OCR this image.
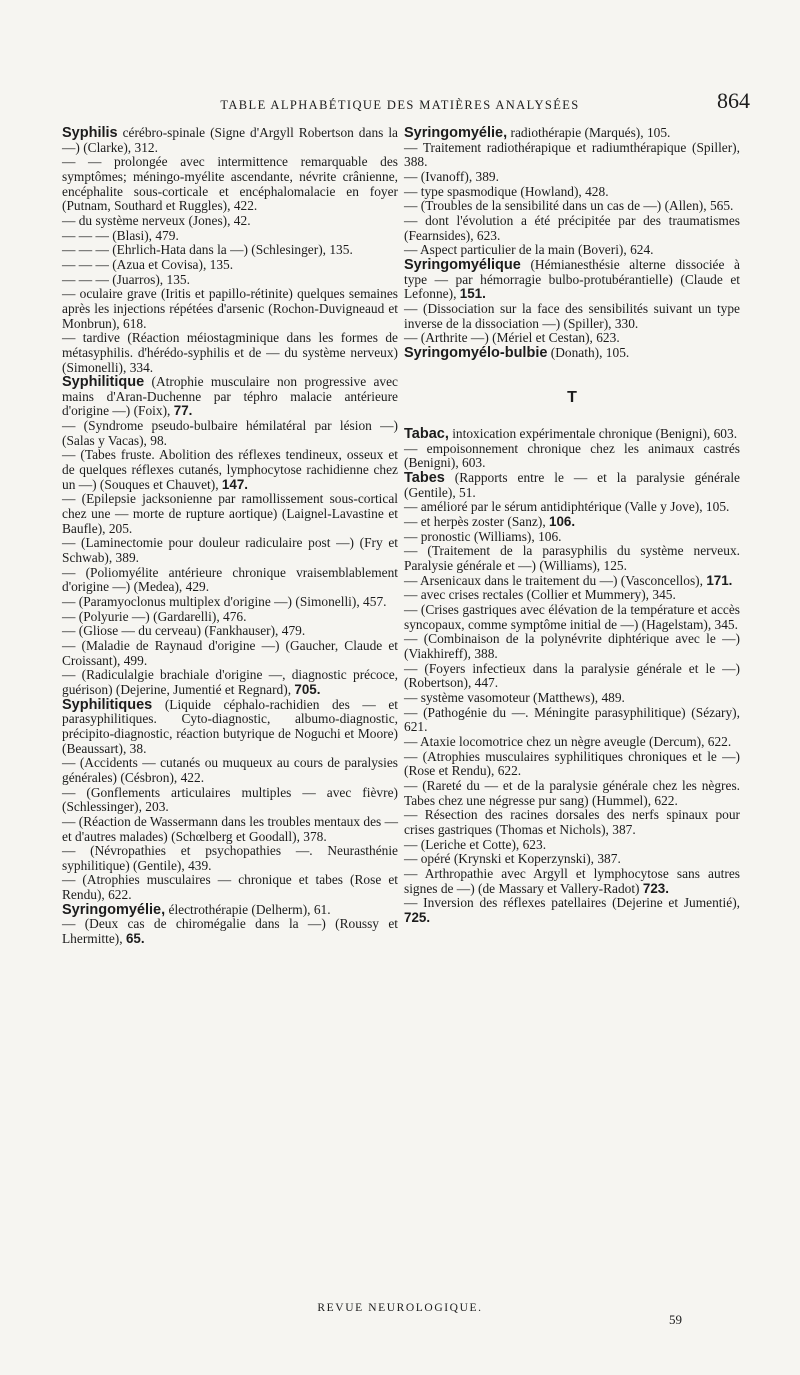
TABLE ALPHABÉTIQUE DES MATIÈRES ANALYSÉES	864

Syphilis cérébro-spinale (Signe d'Argyll Robertson dans la —) (Clarke), 312.

— — prolongée avec intermittence remarquable des symptômes; méningo-myélite ascendante, névrite crânienne, encéphalite sous-corticale et encéphalomalacie en foyer (Putnam, Southard et Ruggles), 422.

— du système nerveux (Jones), 42.

— — — (Blasi), 479.

— — — (Ehrlich-Hata dans la —) (Schlesinger), 135.

— — — (Azua et Covisa), 135.

— — — (Juarros), 135.

— oculaire grave (Iritis et papillo-rétinite) quelques semaines après les injections répétées d'arsenic (Rochon-Duvigneaud et Monbrun), 618.

— tardive (Réaction méiostagminique dans les formes de métasyphilis. d'hérédo-syphilis et de — du système nerveux) (Simonelli), 334.

Syphilitique (Atrophie musculaire non progressive avec mains d'Aran-Duchenne par téphro malacie antérieure d'origine —) (Foix), 77.

— (Syndrome pseudo-bulbaire hémilatéral par lésion —) (Salas y Vacas), 98.

— (Tabes fruste. Abolition des réflexes tendineux, osseux et de quelques réflexes cutanés, lymphocytose rachidienne chez un —) (Souques et Chauvet), 147.

— (Epilepsie jacksonienne par ramollissement sous-cortical chez une — morte de rupture aortique) (Laignel-Lavastine et Baufle), 205.

— (Laminectomie pour douleur radiculaire post —) (Fry et Schwab), 389.

— (Poliomyélite antérieure chronique vraisemblablement d'origine —) (Medea), 429.

— (Paramyoclonus multiplex d'origine —) (Simonelli), 457.

— (Polyurie —) (Gardarelli), 476.

— (Gliose — du cerveau) (Fankhauser), 479.

— (Maladie de Raynaud d'origine —) (Gaucher, Claude et Croissant), 499.

— (Radiculalgie brachiale d'origine —, diagnostic précoce, guérison) (Dejerine, Jumentié et Regnard), 705.

Syphilitiques (Liquide céphalo-rachidien des — et parasyphilitiques. Cyto-diagnostic, albumo-diagnostic, précipito-diagnostic, réaction butyrique de Noguchi et Moore) (Beaussart), 38.

— (Accidents — cutanés ou muqueux au cours de paralysies générales) (Césbron), 422.

— (Gonflements articulaires multiples — avec fièvre) (Schlessinger), 203.

— (Réaction de Wassermann dans les troubles mentaux des — et d'autres malades) (Schœlberg et Goodall), 378.

— (Névropathies et psychopathies —. Neurasthénie syphilitique) (Gentile), 439.

— (Atrophies musculaires — chronique et tabes (Rose et Rendu), 622.

Syringomyélie, électrothérapie (Delherm), 61.

— (Deux cas de chiromégalie dans la —) (Roussy et Lhermitte), 65.

Syringomyélie, radiothérapie (Marqués), 105.

— Traitement radiothérapique et radiumthérapique (Spiller), 388.

— (Ivanoff), 389.

— type spasmodique (Howland), 428.

— (Troubles de la sensibilité dans un cas de —) (Allen), 565.

— dont l'évolution a été précipitée par des traumatismes (Fearnsides), 623.

— Aspect particulier de la main (Boveri), 624.

Syringomyélique (Hémianesthésie alterne dissociée à type — par hémorragie bulbo-protubérantielle) (Claude et Lefonne), 151.

— (Dissociation sur la face des sensibilités suivant un type inverse de la dissociation —) (Spiller), 330.

— (Arthrite —) (Mériel et Cestan), 623.

Syringomyélo-bulbie (Donath), 105.

T

Tabac, intoxication expérimentale chronique (Benigni), 603.

— empoisonnement chronique chez les animaux castrés (Benigni), 603.

Tabes (Rapports entre le — et la paralysie générale (Gentile), 51.

— amélioré par le sérum antidiphtérique (Valle y Jove), 105.

— et herpès zoster (Sanz), 106.

— pronostic (Williams), 106.

— (Traitement de la parasyphilis du système nerveux. Paralysie générale et —) (Williams), 125.

— Arsenicaux dans le traitement du —) (Vasconcellos), 171.

— avec crises rectales (Collier et Mummery), 345.

— (Crises gastriques avec élévation de la température et accès syncopaux, comme symptôme initial de —) (Hagelstam), 345.

— (Combinaison de la polynévrite diphtérique avec le —) (Viakhireff), 388.

— (Foyers infectieux dans la paralysie générale et le —) (Robertson), 447.

— système vasomoteur (Matthews), 489.

— (Pathogénie du —. Méningite parasyphilitique) (Sézary), 621.

— Ataxie locomotrice chez un nègre aveugle (Dercum), 622.

— (Atrophies musculaires syphilitiques chroniques et le —) (Rose et Rendu), 622.

— (Rareté du — et de la paralysie générale chez les nègres. Tabes chez une négresse pur sang) (Hummel), 622.

— Résection des racines dorsales des nerfs spinaux pour crises gastriques (Thomas et Nichols), 387.

— (Leriche et Cotte), 623.

— opéré (Krynski et Koperzynski), 387.

— Arthropathie avec Argyll et lymphocytose sans autres signes de —) (de Massary et Vallery-Radot) 723.

— Inversion des réflexes patellaires (Dejerine et Jumentié), 725.

REVUE NEUROLOGIQUE.
59
